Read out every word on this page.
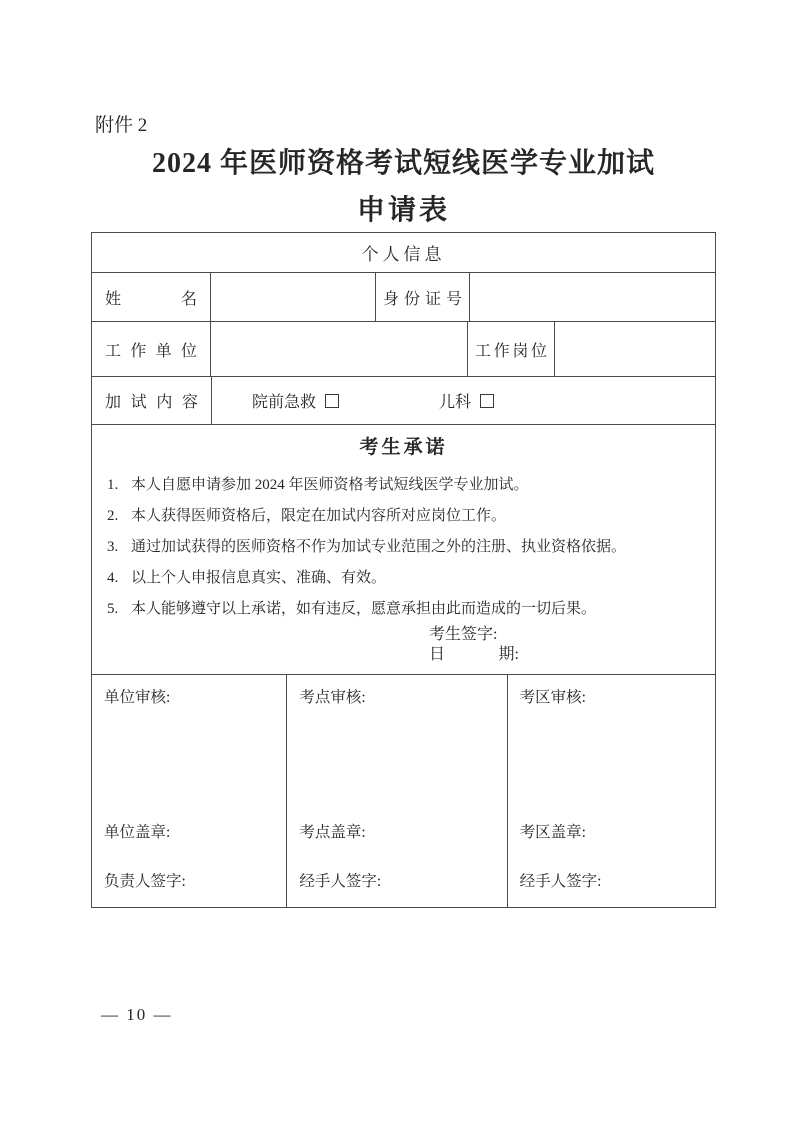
附件 2
2024 年医师资格考试短线医学专业加试
申请表
个人信息
姓名	身份证号
工作单位	工作岗位
加试内容	院前急救	儿科
考生承诺
1. 本人自愿申请参加 2024 年医师资格考试短线医学专业加试。
2. 本人获得医师资格后，限定在加试内容所对应岗位工作。
3. 通过加试获得的医师资格不作为加试专业范围之外的注册、执业资格依据。
4. 以上个人申报信息真实、准确、有效。
5. 本人能够遵守以上承诺，如有违反，愿意承担由此而造成的一切后果。
考生签字:
日	期:
单位审核:
单位盖章:
负责人签字:
考点审核:
考点盖章:
经手人签字:
考区审核:
考区盖章:
经手人签字:
— 10 —
